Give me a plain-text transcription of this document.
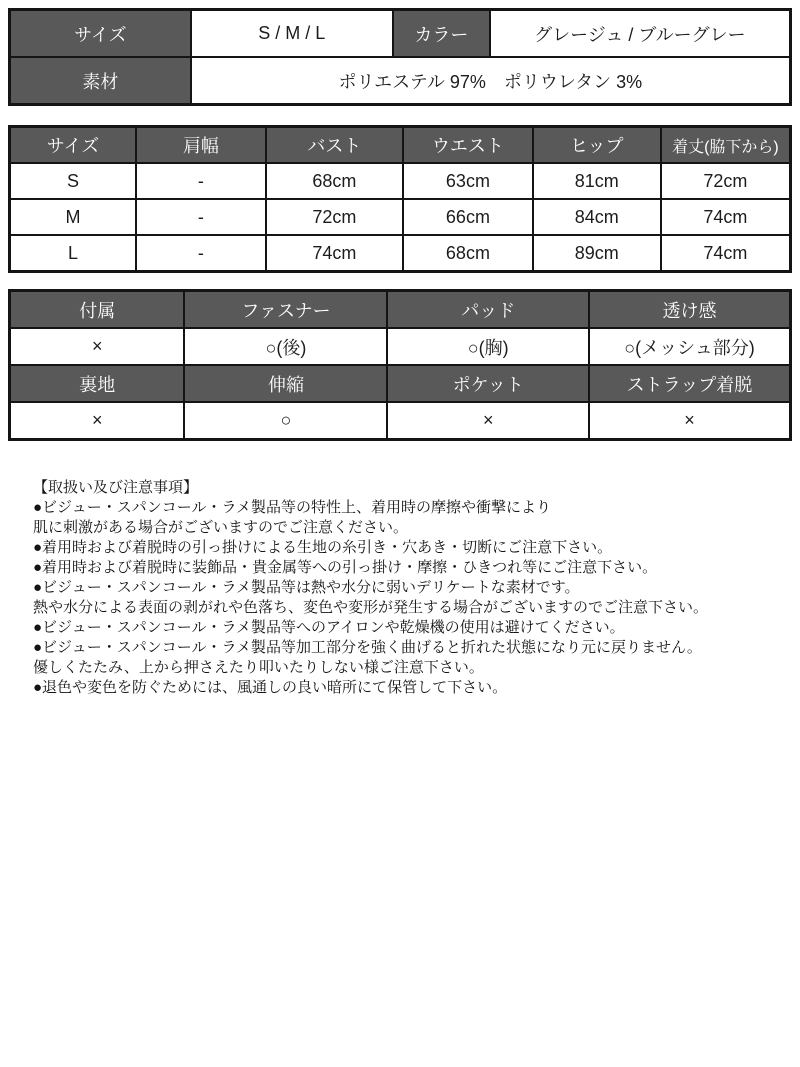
サイズ	S / M / L	カラー	グレージュ / ブルーグレー
素材	ポリエステル 97%　ポリウレタン 3%		
サイズ	肩幅	バスト	ウエスト	ヒップ	着丈(脇下から)
S	-	68cm	63cm	81cm	72cm
M	-	72cm	66cm	84cm	74cm
L	-	74cm	68cm	89cm	74cm
付属	ファスナー	パッド	透け感
×	○(後)	○(胸)	○(メッシュ部分)
裏地	伸縮	ポケット	ストラップ着脱
×	○	×	×
【取扱い及び注意事項】
●ビジュー・スパンコール・ラメ製品等の特性上、着用時の摩擦や衝撃により
肌に刺激がある場合がございますのでご注意ください。
●着用時および着脱時の引っ掛けによる生地の糸引き・穴あき・切断にご注意下さい。
●着用時および着脱時に装飾品・貴金属等への引っ掛け・摩擦・ひきつれ等にご注意下さい。
●ビジュー・スパンコール・ラメ製品等は熱や水分に弱いデリケートな素材です。
熱や水分による表面の剥がれや色落ち、変色や変形が発生する場合がございますのでご注意下さい。
●ビジュー・スパンコール・ラメ製品等へのアイロンや乾燥機の使用は避けてください。
●ビジュー・スパンコール・ラメ製品等加工部分を強く曲げると折れた状態になり元に戻りません。
優しくたたみ、上から押さえたり叩いたりしない様ご注意下さい。
●退色や変色を防ぐためには、風通しの良い暗所にて保管して下さい。
